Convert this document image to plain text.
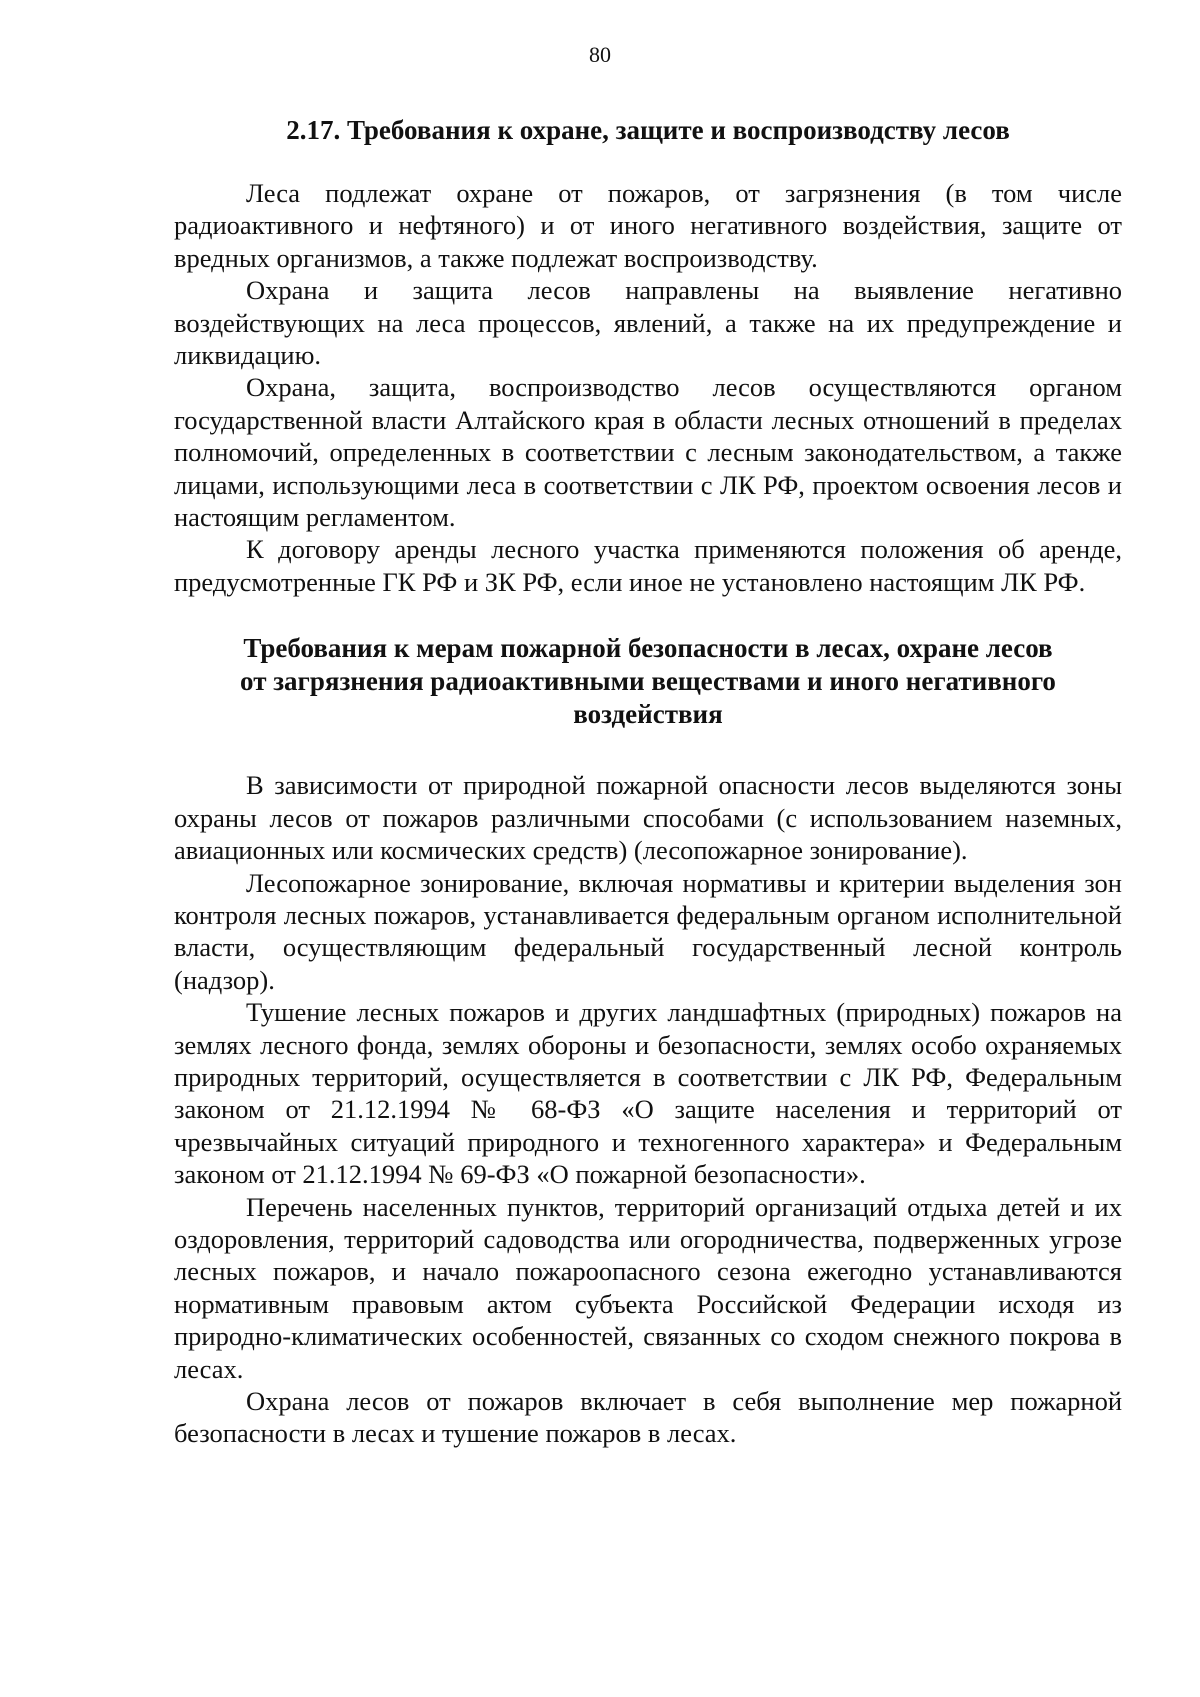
80
2.17. Требования к охране, защите и воспроизводству лесов

Леса подлежат охране от пожаров, от загрязнения (в том числе радиоактивного и нефтяного) и от иного негативного воздействия, защите от вредных организмов, а также подлежат воспроизводству.

Охрана и защита лесов направлены на выявление негативно воздействующих на леса процессов, явлений, а также на их предупреждение и ликвидацию.

Охрана, защита, воспроизводство лесов осуществляются органом государственной власти Алтайского края в области лесных отношений в пределах полномочий, определенных в соответствии с лесным законодательством, а также лицами, использующими леса в соответствии с ЛК РФ, проектом освоения лесов и настоящим регламентом.

К договору аренды лесного участка применяются положения об аренде, предусмотренные ГК РФ и ЗК РФ, если иное не установлено настоящим ЛК РФ.

Требования к мерам пожарной безопасности в лесах, охране лесов
от загрязнения радиоактивными веществами и иного негативного
воздействия

В зависимости от природной пожарной опасности лесов выделяются зоны охраны лесов от пожаров различными способами (с использованием наземных, авиационных или космических средств) (лесопожарное зонирование).

Лесопожарное зонирование, включая нормативы и критерии выделения зон контроля лесных пожаров, устанавливается федеральным органом исполнительной власти, осуществляющим федеральный государственный лесной контроль (надзор).

Тушение лесных пожаров и других ландшафтных (природных) пожаров на землях лесного фонда, землях обороны и безопасности, землях особо охраняемых природных территорий, осуществляется в соответствии с ЛК РФ, Федеральным законом от 21.12.1994 № 68-ФЗ «О защите населения и территорий от чрезвычайных ситуаций природного и техногенного характера» и Федеральным законом от 21.12.1994 № 69-ФЗ «О пожарной безопасности».

Перечень населенных пунктов, территорий организаций отдыха детей и их оздоровления, территорий садоводства или огородничества, подверженных угрозе лесных пожаров, и начало пожароопасного сезона ежегодно устанавливаются нормативным правовым актом субъекта Российской Федерации исходя из природно-климатических особенностей, связанных со сходом снежного покрова в лесах.

Охрана лесов от пожаров включает в себя выполнение мер пожарной безопасности в лесах и тушение пожаров в лесах.
